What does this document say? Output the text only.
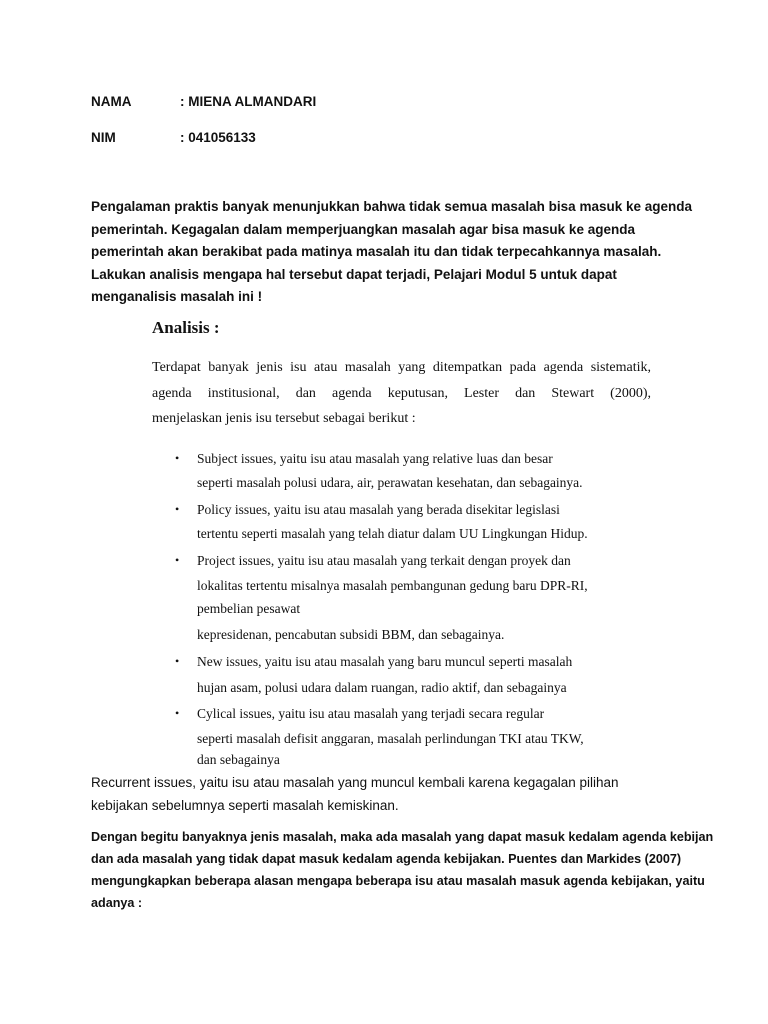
NAMA	: MIENA ALMANDARI
NIM	: 041056133
Pengalaman praktis banyak menunjukkan bahwa tidak semua masalah bisa masuk ke agenda
pemerintah. Kegagalan dalam memperjuangkan masalah agar bisa masuk ke agenda
pemerintah akan berakibat pada matinya masalah itu dan tidak terpecahkannya masalah.
Lakukan analisis mengapa hal tersebut dapat terjadi, Pelajari Modul 5 untuk dapat
menganalisis masalah ini !
Analisis :
Terdapat banyak jenis isu atau masalah yang ditempatkan pada agenda sistematik,
agenda institusional, dan agenda keputusan, Lester dan Stewart (2000),
menjelaskan jenis isu tersebut sebagai berikut :
• Subject issues, yaitu isu atau masalah yang relative luas dan besar
seperti masalah polusi udara, air, perawatan kesehatan, dan sebagainya.
• Policy issues, yaitu isu atau masalah yang berada disekitar legislasi
tertentu seperti masalah yang telah diatur dalam UU Lingkungan Hidup.
• Project issues, yaitu isu atau masalah yang terkait dengan proyek dan
lokalitas tertentu misalnya masalah pembangunan gedung baru DPR-RI,
pembelian pesawat
kepresidenan, pencabutan subsidi BBM, dan sebagainya.
• New issues, yaitu isu atau masalah yang baru muncul seperti masalah
hujan asam, polusi udara dalam ruangan, radio aktif, dan sebagainya
• Cylical issues, yaitu isu atau masalah yang terjadi secara regular
seperti masalah defisit anggaran, masalah perlindungan TKI atau TKW,
dan sebagainya
Recurrent issues, yaitu isu atau masalah yang muncul kembali karena kegagalan pilihan
kebijakan sebelumnya seperti masalah kemiskinan.
Dengan begitu banyaknya jenis masalah, maka ada masalah yang dapat masuk kedalam agenda kebijan
dan ada masalah yang tidak dapat masuk kedalam agenda kebijakan. Puentes dan Markides (2007)
mengungkapkan beberapa alasan mengapa beberapa isu atau masalah masuk agenda kebijakan, yaitu
adanya :
